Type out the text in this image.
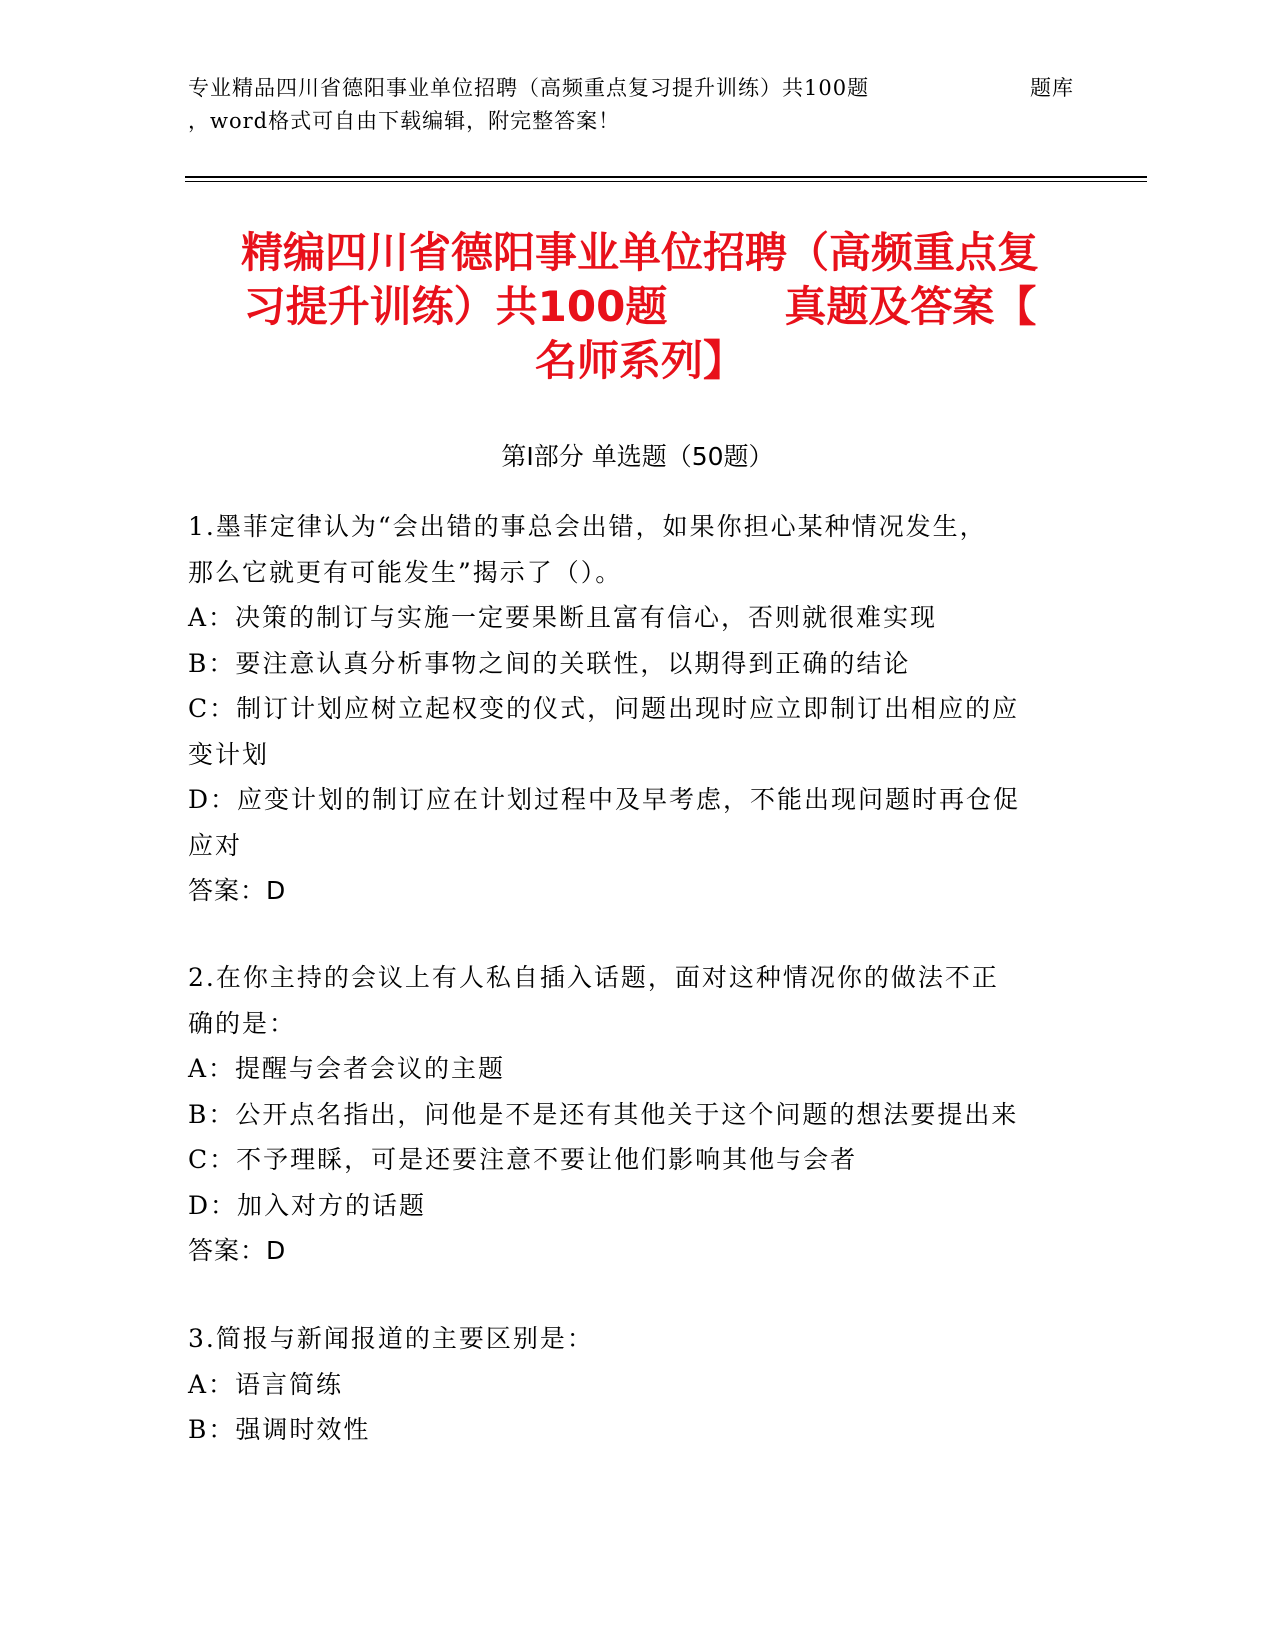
专业精品四川省德阳事业单位招聘（高频重点复习提升训练）共100题	题库
，word格式可自由下载编辑，附完整答案！
精编四川省德阳事业单位招聘（高频重点复
习提升训练）共100题        真题及答案【
名师系列】
第Ⅰ部分 单选题（50题）

1.墨菲定律认为“会出错的事总会出错，如果你担心某种情况发生，

那么它就更有可能发生”揭示了（）。

A：决策的制订与实施一定要果断且富有信心，否则就很难实现

B：要注意认真分析事物之间的关联性，以期得到正确的结论

C：制订计划应树立起权变的仪式，问题出现时应立即制订出相应的应

变计划

D：应变计划的制订应在计划过程中及早考虑，不能出现问题时再仓促

应对

答案：D

2.在你主持的会议上有人私自插入话题，面对这种情况你的做法不正

确的是：

A：提醒与会者会议的主题

B：公开点名指出，问他是不是还有其他关于这个问题的想法要提出来

C：不予理睬，可是还要注意不要让他们影响其他与会者

D：加入对方的话题

答案：D

3.简报与新闻报道的主要区别是：

A：语言简练

B：强调时效性
